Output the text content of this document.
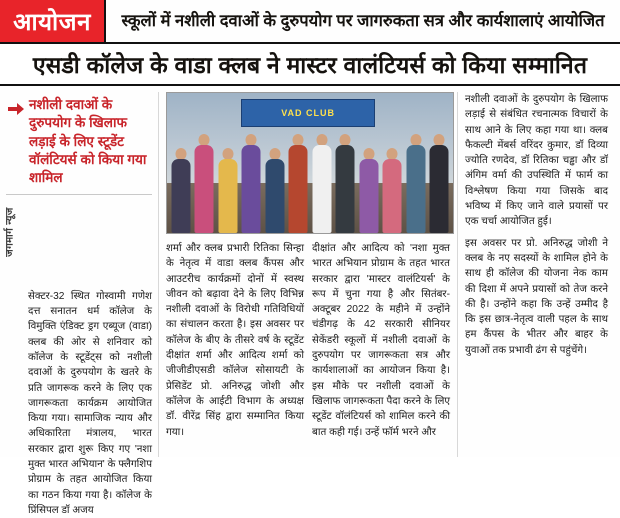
आयोजन	स्कूलों में नशीली दवाओं के दुरुपयोग पर जागरुकता सत्र और कार्यशालाएं आयोजित
एसडी कॉलेज के वाडा क्लब ने मास्टर वालंटियर्स को किया सम्मानित
नशीली दवाओं के दुरुपयोग के खिलाफ लड़ाई के लिए स्टूडेंट वॉलंटियर्स को किया गया शामिल
जगमार्ग न्यूज
सेक्टर-32 स्थित गोस्वामी गणेश दत्त सनातन धर्म कॉलेज के विमुक्ति एंडिक्ट ड्रग एब्यूज (वाडा) क्लब की ओर से शनिवार को कॉलेज के स्टूडेंट्स को नशीली दवाओं के दुरुपयोग के खतरे के प्रति जागरूक करने के लिए एक जागरूकता कार्यक्रम आयोजित किया गया। सामाजिक न्याय और अधिकारिता मंत्रालय, भारत सरकार द्वारा शुरू किए गए 'नशा मुक्त भारत अभियान' के फ्लैगशिप प्रोग्राम के तहत आयोजित किया का गठन किया गया है। कॉलेज के प्रिंसिपल डॉ अजय
VAD CLUB
शर्मा और क्लब प्रभारी रितिका सिन्हा के नेतृत्व में वाडा क्लब कैंपस और आउटरीच कार्यक्रमों दोनों में स्वस्थ जीवन को बढ़ावा देने के लिए विभिन्न नशीली दवाओं के विरोधी गतिविधियों का संचालन करता है। इस अवसर पर कॉलेज के बीए के तीसरे वर्ष के स्टूडेंट दीक्षांत शर्मा और आदित्य शर्मा को जीजीडीएसडी कॉलेज सोसायटी के प्रेसिडेंट प्रो. अनिरुद्ध जोशी और कॉलेज के आईटी विभाग के अध्यक्ष डॉ. वीरेंद्र सिंह द्वारा सम्मानित किया गया।
दीक्षांत और आदित्य को 'नशा मुक्त भारत अभियान प्रोग्राम के तहत भारत सरकार द्वारा 'मास्टर वालंटियर्स' के रूप में चुना गया है और सितंबर-अक्टूबर 2022 के महीने में उन्होंने चंडीगढ़ के 42 सरकारी सीनियर सेकेंडरी स्कूलों में नशीली दवाओं के दुरुपयोग पर जागरूकता सत्र और कार्यशालाओं का आयोजन किया है। इस मौके पर नशीली दवाओं के खिलाफ जागरूकता पैदा करने के लिए स्टूडेंट वॉलंटियर्स को शामिल करने की बात कही गई। उन्हें फॉर्म भरने और
नशीली दवाओं के दुरुपयोग के खिलाफ लड़ाई से संबंधित रचनात्मक विचारों के साथ आने के लिए कहा गया था। क्लब फैकल्टी मेंबर्स वरिंदर कुमार, डॉ दिव्या ज्योति रणदेव, डॉ रितिका चड्ढा और डॉ अंगिम वर्मा की उपस्थिति में फार्म का विश्लेषण किया गया जिसके बाद भविष्य में किए जाने वाले प्रयासों पर एक चर्चा आयोजित हुई।
इस अवसर पर प्रो. अनिरुद्ध जोशी ने क्लब के नए सदस्यों के शामिल होने के साथ ही कॉलेज की योजना नेक काम की दिशा में अपने प्रयासों को तेज करने की है। उन्होंने कहा कि उन्हें उम्मीद है कि इस छात्र-नेतृत्व वाली पहल के साथ हम कैंपस के भीतर और बाहर के युवाओं तक प्रभावी ढंग से पहुंचेंगे।
